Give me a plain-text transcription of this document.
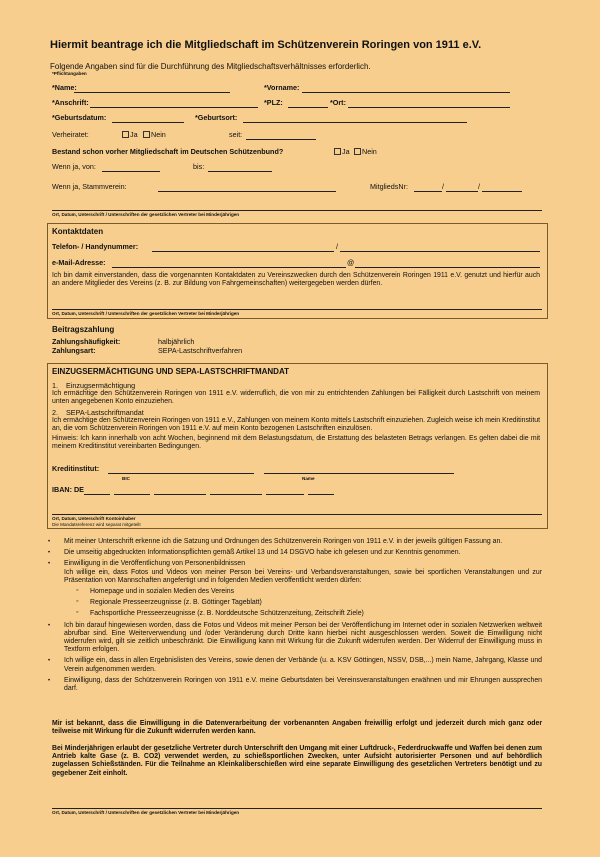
Hiermit beantrage ich die Mitgliedschaft im Schützenverein Roringen von 1911 e.V.
Folgende Angaben sind für die Durchführung des Mitgliedschaftsverhältnisses erforderlich.
*Pflichtangaben
*Name:	*Vorname:
*Anschrift:	*PLZ:	*Ort:
*Geburtsdatum:	*Geburtsort:
Verheiratet:	Ja	Nein	seit:
Bestand schon vorher Mitgliedschaft im Deutschen Schützenbund?	Ja	Nein
Wenn ja, von:	bis:
Wenn ja, Stammverein:	MitgliedsNr:	/	/
Ort, Datum, Unterschrift / Unterschriften der gesetzlichen Vertreter bei Minderjährigen
Kontaktdaten
Telefon- / Handynummer:	/
e-Mail-Adresse:	@
Ich bin damit einverstanden, dass die vorgenannten Kontaktdaten zu Vereinszwecken durch den Schützenverein Roringen 1911 e.V. genutzt und hierfür auch an andere Mitglieder des Vereins (z. B. zur Bildung von Fahrgemeinschaften) weitergegeben werden dürfen.
Ort, Datum, Unterschrift / Unterschriften der gesetzlichen Vertreter bei Minderjährigen
Beitragszahlung
Zahlungshäufigkeit:	halbjährlich
Zahlungsart:	SEPA-Lastschriftverfahren
EINZUGSERMÄCHTIGUNG UND SEPA-LASTSCHRIFTMANDAT
1.    Einzugsermächtigung
Ich ermächtige den Schützenverein Roringen von 1911 e.V. widerruflich, die von mir zu entrichtenden Zahlungen bei Fälligkeit durch Lastschrift von meinem unten angegebenen Konto einzuziehen.
2.    SEPA-Lastschriftmandat
Ich ermächtige den Schützenverein Roringen von 1911 e.V., Zahlungen von meinem Konto mittels Lastschrift einzuziehen. Zugleich weise ich mein Kreditinstitut an, die vom Schützenverein Roringen von 1911 e.V. auf mein Konto bezogenen Lastschriften einzulösen.
Hinweis: Ich kann innerhalb von acht Wochen, beginnend mit dem Belastungsdatum, die Erstattung des belasteten Betrags verlangen. Es gelten dabei die mit meinem Kreditinstitut vereinbarten Bedingungen.
Kreditinstitut:
BIC	Name
IBAN: DE
Ort, Datum, Unterschrift Kontoinhaber
Die Mandatsreferenz wird separat mitgeteilt
• Mit meiner Unterschrift erkenne ich die Satzung und Ordnungen des Schützenverein Roringen von 1911 e.V. in der jeweils gültigen Fassung an.
• Die umseitig abgedruckten Informationspflichten gemäß Artikel 13 und 14 DSGVO habe ich gelesen und zur Kenntnis genommen.
• Einwilligung in die Veröffentlichung von Personenbildnissen
Ich willige ein, dass Fotos und Videos von meiner Person bei Vereins- und Verbandsveranstaltungen, sowie bei sportlichen Veranstaltungen und zur Präsentation von Mannschaften angefertigt und in folgenden Medien veröffentlicht werden dürfen:
◦ Homepage und in sozialen Medien des Vereins
◦ Regionale Presseerzeugnisse (z. B. Göttinger Tageblatt)
◦ Fachsportliche Presseerzeugnisse (z. B. Norddeutsche Schützenzeitung, Zeitschrift Ziele)
• Ich bin darauf hingewiesen worden, dass die Fotos und Videos mit meiner Person bei der Veröffentlichung im Internet oder in sozialen Netzwerken weltweit abrufbar sind. Eine Weiterverwendung und /oder Veränderung durch Dritte kann hierbei nicht ausgeschlossen werden. Soweit die Einwilligung nicht widerrufen wird, gilt sie zeitlich unbeschränkt. Die Einwilligung kann mit Wirkung für die Zukunft widerrufen werden. Der Widerruf der Einwilligung muss in Textform erfolgen.
• Ich willige ein, dass in allen Ergebnislisten des Vereins, sowie denen der Verbände (u. a. KSV Göttingen, NSSV, DSB,...) mein Name, Jahrgang, Klasse und Verein aufgenommen werden.
• Einwilligung, dass der Schützenverein Roringen von 1911 e.V. meine Geburtsdaten bei Vereinsveranstaltungen erwähnen und mir Ehrungen aussprechen darf.
Mir ist bekannt, dass die Einwilligung in die Datenverarbeitung der vorbenannten Angaben freiwillig erfolgt und jederzeit durch mich ganz oder teilweise mit Wirkung für die Zukunft widerrufen werden kann.
Bei Minderjährigen erlaubt der gesetzliche Vertreter durch Unterschrift den Umgang mit einer Luftdruck-, Federdruckwaffe und Waffen bei denen zum Antrieb kalte Gase (z. B. CO2) verwendet werden, zu schießsportlichen Zwecken, unter Aufsicht autorisierter Personen und auf behördlich zugelassen Schießständen. Für die Teilnahme an Kleinkaliberschießen wird eine separate Einwilligung des gesetzlichen Vertreters benötigt und zu gegebener Zeit einholt.
Ort, Datum, Unterschrift / Unterschriften der gesetzlichen Vertreter bei Minderjährigen
